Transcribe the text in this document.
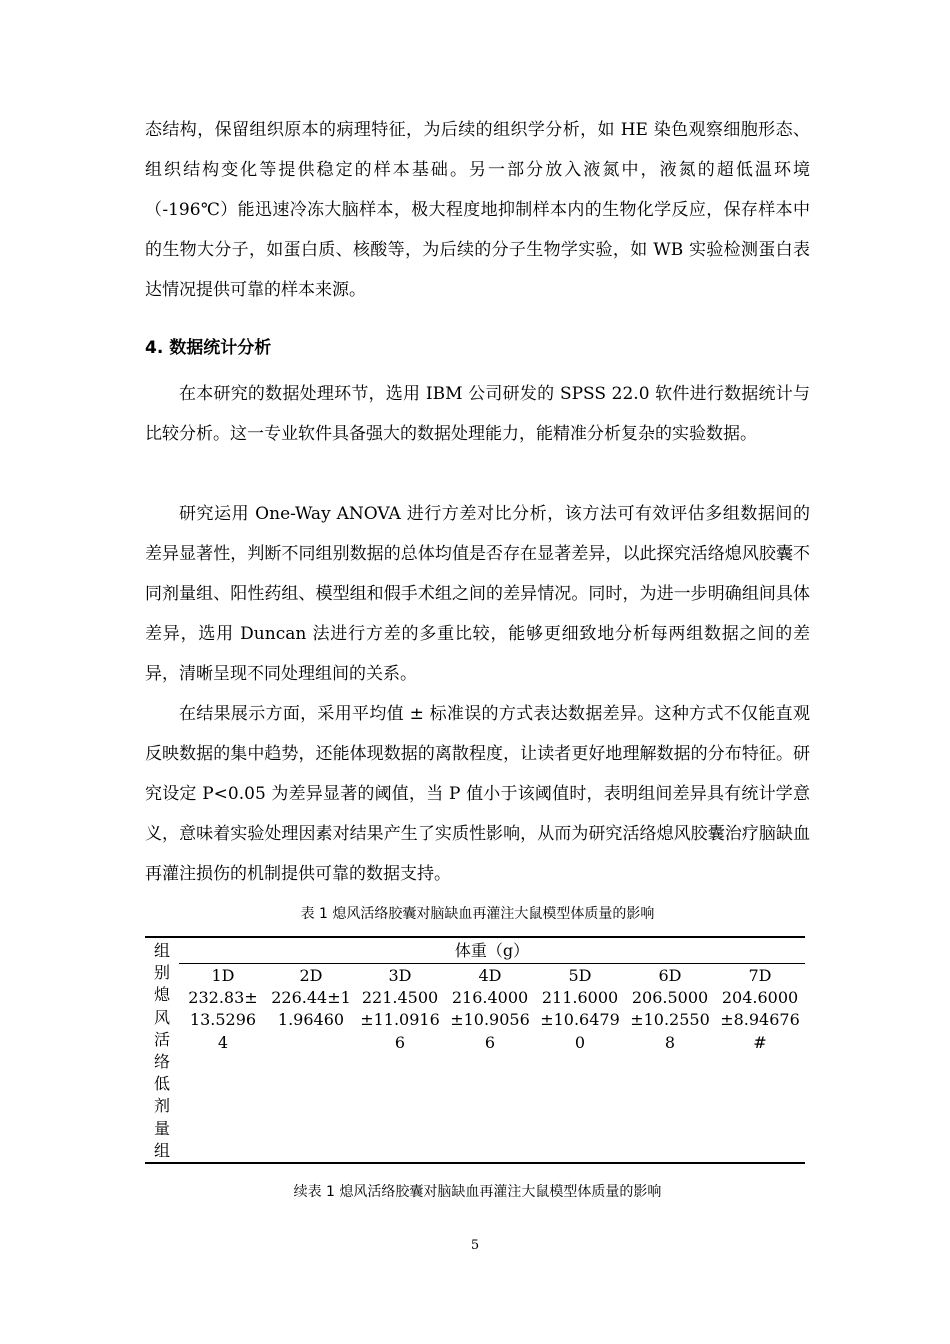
态结构，保留组织原本的病理特征，为后续的组织学分析，如 HE 染色观察细胞形态、组织结构变化等提供稳定的样本基础。另一部分放入液氮中，液氮的超低温环境（-196℃）能迅速冷冻大脑样本，极大程度地抑制样本内的生物化学反应，保存样本中的生物大分子，如蛋白质、核酸等，为后续的分子生物学实验，如 WB 实验检测蛋白表达情况提供可靠的样本来源。

4. 数据统计分析

在本研究的数据处理环节，选用 IBM 公司研发的 SPSS 22.0 软件进行数据统计与比较分析。这一专业软件具备强大的数据处理能力，能精准分析复杂的实验数据。

研究运用 One-Way ANOVA 进行方差对比分析，该方法可有效评估多组数据间的差异显著性，判断不同组别数据的总体均值是否存在显著差异，以此探究活络熄风胶囊不同剂量组、阳性药组、模型组和假手术组之间的差异情况。同时，为进一步明确组间具体差异，选用 Duncan 法进行方差的多重比较，能够更细致地分析每两组数据之间的差异，清晰呈现不同处理组间的关系。

在结果展示方面，采用平均值 ± 标准误的方式表达数据差异。这种方式不仅能直观反映数据的集中趋势，还能体现数据的离散程度，让读者更好地理解数据的分布特征。研究设定 P<0.05 为差异显著的阈值，当 P 值小于该阈值时，表明组间差异具有统计学意义，意味着实验处理因素对结果产生了实质性影响，从而为研究活络熄风胶囊治疗脑缺血再灌注损伤的机制提供可靠的数据支持。

表 1 熄风活络胶囊对脑缺血再灌注大鼠模型体质量的影响
组
别
熄
风
活
络
低
剂
量
组
体重（g）
1D
232.83±
13.5296
4
2D
226.44±1
1.96460
3D
221.4500
±11.0916
6
4D
216.4000
±10.9056
6
5D
211.6000
±10.6479
0
6D
206.5000
±10.2550
8
7D
204.6000
±8.94676
#
续表 1 熄风活络胶囊对脑缺血再灌注大鼠模型体质量的影响
5
